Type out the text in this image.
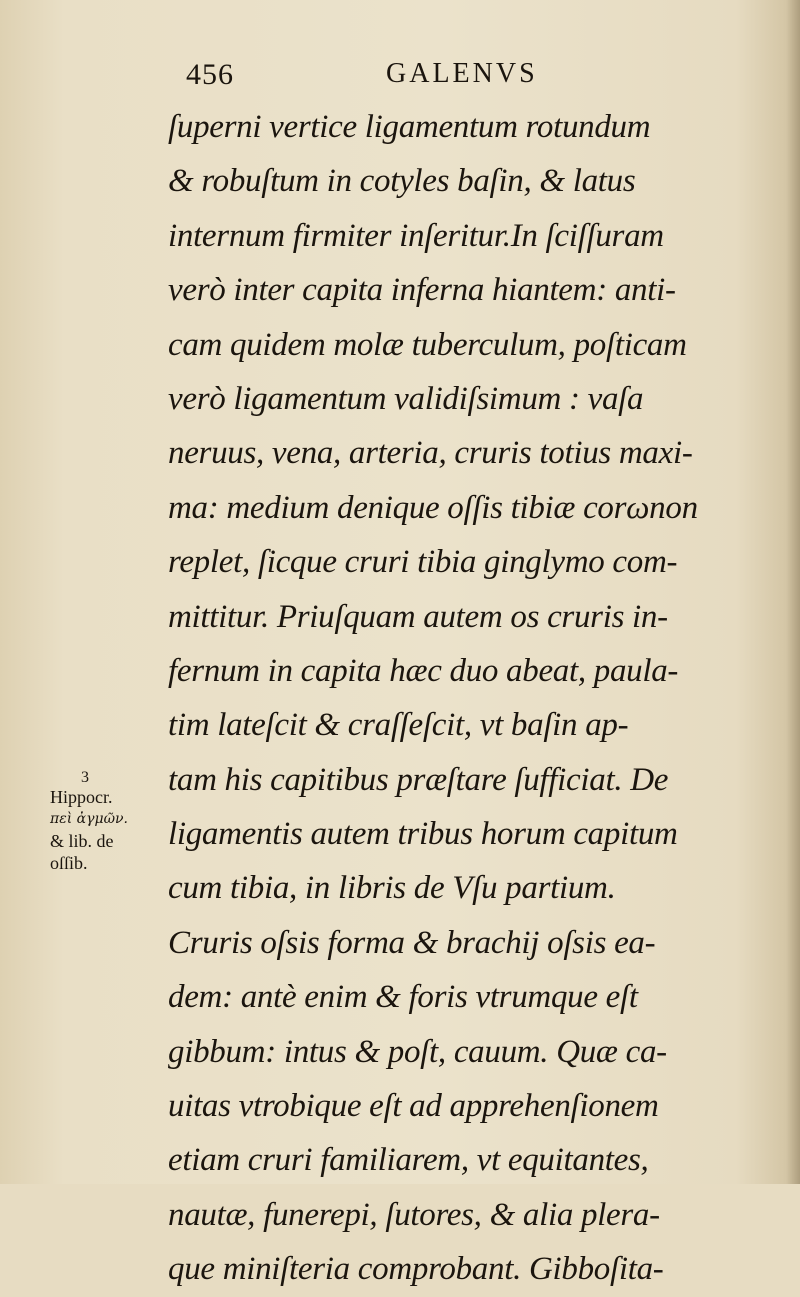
456	GALENVS
3
Hippocr.
πεὶ ἀγμῶν.
& lib. de
oſſib.
ſuperni vertice ligamentum rotundum
& robuſtum in cotyles baſin, & latus
internum firmiter inſeritur.In ſciſſuram
verò inter capita inferna hiantem: anti-
cam quidem molæ tuberculum, poſticam
verò ligamentum validiſsimum : vaſa
neruus, vena, arteria, cruris totius maxi-
ma: medium denique oſſis tibiæ corωnon
replet, ſicque cruri tibia ginglymo com-
mittitur. Priuſquam autem os cruris in-
fernum in capita hæc duo abeat, paula-
tim lateſcit & craſſeſcit, vt baſin ap-
tam his capitibus præſtare ſufficiat. De
ligamentis autem tribus horum capitum
cum tibia, in libris de Vſu partium.
Cruris oſsis forma & brachij oſsis ea-
dem: antè enim & foris vtrumque eſt
gibbum: intus & poſt, cauum. Quæ ca-
uitas vtrobique eſt ad apprehenſionem
etiam cruri familiarem, vt equitantes,
nautæ, funerepi, ſutores, & alia plera-
que miniſteria comprobant. Gibboſita-
